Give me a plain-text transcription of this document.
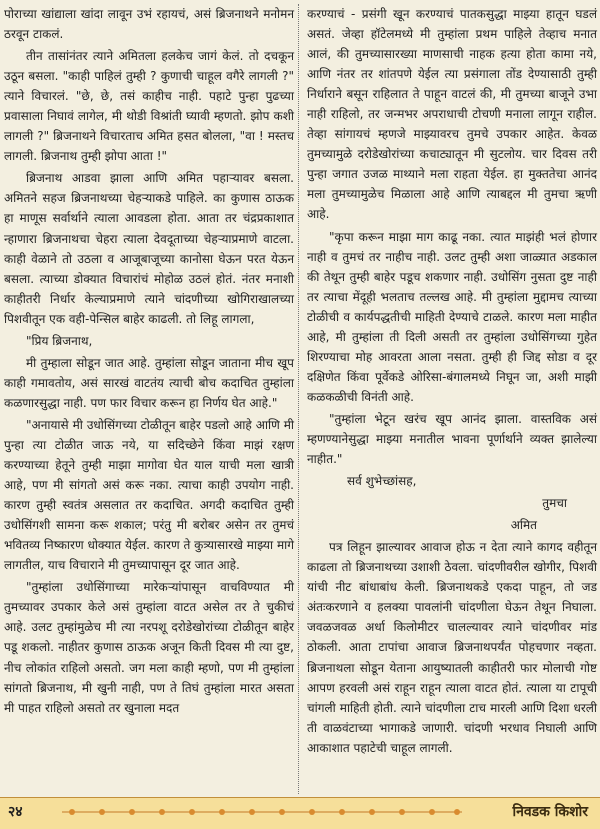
पोराच्या खांद्याला खांदा लावून उभं रहायचं, असं ब्रिजनाथने मनोमन ठरवून टाकलं.

तीन तासांनंतर त्याने अमितला हलकेच जागं केलं. तो दचकून उठून बसला. "काही पाहिलं तुम्ही ? कुणाची चाहूल वगैरे लागली ?" त्याने विचारलं. "छे, छे, तसं काहीच नाही. पहाटे पुन्हा पुढच्या प्रवासाला निघावं लागेल, मी थोडी विश्रांती घ्यावी म्हणतो. झोप कशी लागली ?" ब्रिजनाथने विचारताच अमित हसत बोलला, "वा ! मस्तच लागली. ब्रिजनाथ तुम्ही झोपा आता !"

ब्रिजनाथ आडवा झाला आणि अमित पहाऱ्यावर बसला. अमितने सहज ब्रिजनाथच्या चेहऱ्याकडे पाहिले. का कुणास ठाऊक हा माणूस सर्वार्थाने त्याला आवडला होता. आता तर चंद्रप्रकाशात न्हाणारा ब्रिजनाथचा चेहरा त्याला देवदूताच्या चेहऱ्याप्रमाणे वाटला. काही वेळाने तो उठला व आजूबाजूच्या कानोसा घेऊन परत येऊन बसला. त्याच्या डोक्यात विचारांचं मोहोळ उठलं होतं. नंतर मनाशी काहीतरी निर्धार केल्याप्रमाणे त्याने चांदणीच्या खोगिराखालच्या पिशवीतून एक वही-पेन्सिल बाहेर काढली. तो लिहू लागला,

"प्रिय ब्रिजनाथ,

मी तुम्हाला सोडून जात आहे. तुम्हांला सोडून जाताना मीच खूप काही गमावतोय, असं सारखं वाटतंय त्याची बोच कदाचित तुम्हांला कळणारसुद्धा नाही. पण फार विचार करून हा निर्णय घेत आहे."

"अनायासे मी उधोसिंगच्या टोळीतून बाहेर पडलो आहे आणि मी पुन्हा त्या टोळीत जाऊ नये, या सदिच्छेने किंवा माझं रक्षण करण्याच्या हेतूने तुम्ही माझा मागोवा घेत याल याची मला खात्री आहे, पण मी सांगतो असं करू नका. त्याचा काही उपयोग नाही. कारण तुम्ही स्वतंत्र असलात तर कदाचित. अगदी कदाचित तुम्ही उधोसिंगशी सामना करू शकाल; परंतु मी बरोबर असेन तर तुमचं भवितव्य निष्कारण धोक्यात येईल. कारण ते कुत्र्यासारखे माझ्या मागे लागतील, याच विचाराने मी तुमच्यापासून दूर जात आहे.

"तुम्हांला उधोसिंगाच्या मारेकऱ्यांपासून वाचविण्यात मी तुमच्यावर उपकार केले असं तुम्हांला वाटत असेल तर ते चुकीचं आहे. उलट तुम्हांमुळेच मी त्या नरपशू दरोडेखोरांच्या टोळीतून बाहेर पडू शकलो. नाहीतर कुणास ठाऊक अजून किती दिवस मी त्या दुष्ट, नीच लोकांत राहिलो असतो. जग मला काही म्हणो, पण मी तुम्हांला सांगतो ब्रिजनाथ, मी खुनी नाही, पण ते तिघं तुम्हांला मारत असता मी पाहत राहिलो असतो तर खुनाला मदत

करण्याचं - प्रसंगी खून करण्याचं पातकसुद्धा माझ्या हातून घडलं असतं. जेव्हा हॉटेलमध्ये मी तुम्हांला प्रथम पाहिले तेव्हाच मनात आलं, की तुमच्यासारख्या माणसाची नाहक हत्या होता कामा नये, आणि नंतर तर शांतपणे येईल त्या प्रसंगाला तोंड देण्यासाठी तुम्ही निर्धाराने बसून राहिलात ते पाहून वाटलं की, मी तुमच्या बाजूने उभा नाही राहिलो, तर जन्मभर अपराधाची टोचणी मनाला लागून राहील. तेव्हा सांगायचं म्हणजे माझ्यावरच तुमचे उपकार आहेत. केवळ तुमच्यामुळे दरोडेखोरांच्या कचाट्यातून मी सुटलोय. चार दिवस तरी पुन्हा जगात उजळ माथ्याने मला राहता येईल. हा मुक्ततेचा आनंद मला तुमच्यामुळेच मिळाला आहे आणि त्याबद्दल मी तुमचा ऋणी आहे.

"कृपा करून माझा माग काढू नका. त्यात माझंही भलं होणार नाही व तुमचं तर नाहीच नाही. उलट तुम्ही अशा जाळ्यात अडकाल की तेथून तुम्ही बाहेर पडूच शकणार नाही. उधोसिंग नुसता दुष्ट नाही तर त्याचा मेंदूही भलताच तल्लख आहे. मी तुम्हांला मुद्दामच त्याच्या टोळीची व कार्यपद्धतीची माहिती देण्याचे टाळले. कारण मला माहीत आहे, मी तुम्हांला ती दिली असती तर तुम्हांला उधोसिंगच्या गुहेत शिरण्याचा मोह आवरता आला नसता. तुम्ही ही जिद्द सोडा व दूर दक्षिणेत किंवा पूर्वेकडे ओरिसा-बंगालमध्ये निघून जा, अशी माझी कळकळीची विनंती आहे.

"तुम्हांला भेटून खरंच खूप आनंद झाला. वास्तविक असं म्हणण्यानेसुद्धा माझ्या मनातील भावना पूर्णार्थाने व्यक्त झालेल्या नाहीत."

सर्व शुभेच्छांसह,

तुमचा

अमित

पत्र लिहून झाल्यावर आवाज होऊ न देता त्याने कागद वहीतून काढला तो ब्रिजनाथच्या उशाशी ठेवला. चांदणीवरील खोगीर, पिशवी यांची नीट बांधाबांध केली. ब्रिजनाथकडे एकदा पाहून, तो जड अंतःकरणाने व हलक्या पावलांनी चांदणीला घेऊन तेथून निघाला. जवळजवळ अर्धा किलोमीटर चालल्यावर त्याने चांदणीवर मांड ठोकली. आता टापांचा आवाज ब्रिजनाथपर्यंत पोहचणार नव्हता. ब्रिजनाथला सोडून येताना आयुष्यातली काहीतरी फार मोलाची गोष्ट आपण हरवली असं राहून राहून त्याला वाटत होतं. त्याला या टापूची चांगली माहिती होती. त्याने चांदणीला टाच मारली आणि दिशा धरली ती वाळवंटाच्या भागाकडे जाणारी. चांदणी भरधाव निघाली आणि आकाशात पहाटेची चाहूल लागली.

२४	निवडक किशोर
